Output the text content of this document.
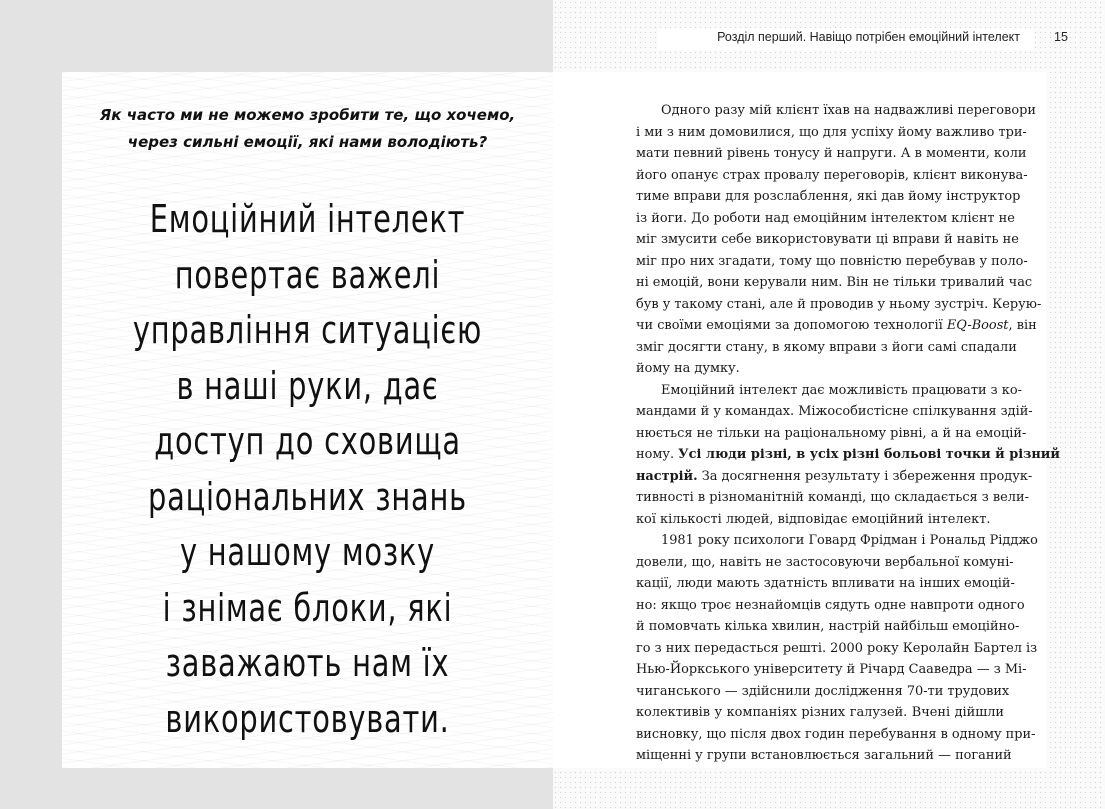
Розділ перший. Навіщо потрібен емоційний інтелект	15

Як часто ми не можемо зробити те, що хочемо,
через сильні емоції, які нами володіють?

Емоційний інтелект
повертає важелі
управління ситуацією
в наші руки, дає
доступ до сховища
раціональних знань
у нашому мозку
і знімає блоки, які
заважають нам їх
використовувати.

Одного разу мій клієнт їхав на надважливі переговори
і ми з ним домовилися, що для успіху йому важливо три-
мати певний рівень тонусу й напруги. А в моменти, коли
його опанує страх провалу переговорів, клієнт виконува-
тиме вправи для розслаблення, які дав йому інструктор
із йоги. До роботи над емоційним інтелектом клієнт не
міг змусити себе використовувати ці вправи й навіть не
міг про них згадати, тому що повністю перебував у поло-
ні емоцій, вони керували ним. Він не тільки тривалий час
був у такому стані, але й проводив у ньому зустріч. Керую-
чи своїми емоціями за допомогою технології EQ-Boost, він
зміг досягти стану, в якому вправи з йоги самі спадали
йому на думку.
Емоційний інтелект дає можливість працювати з ко-
мандами й у командах. Міжособистісне спілкування здій-
нюється не тільки на раціональному рівні, а й на емоцій-
ному. Усі люди різні, в усіх різні больові точки й різний
настрій. За досягнення результату і збереження продук-
тивності в різноманітній команді, що складається з вели-
кої кількості людей, відповідає емоційний інтелект.
1981 року психологи Говард Фрідман і Рональд Рідджо
довели, що, навіть не застосовуючи вербальної комуні-
кації, люди мають здатність впливати на інших емоцій-
но: якщо троє незнайомців сядуть одне навпроти одного
й помовчать кілька хвилин, настрій найбільш емоційно-
го з них передасться решті. 2000 року Керолайн Бартел із
Нью-Йоркського університету й Річард Сааведра — з Мі-
чиганського — здійснили дослідження 70-ти трудових
колективів у компаніях різних галузей. Вчені дійшли
висновку, що після двох годин перебування в одному при-
міщенні у групи встановлюється загальний — поганий
